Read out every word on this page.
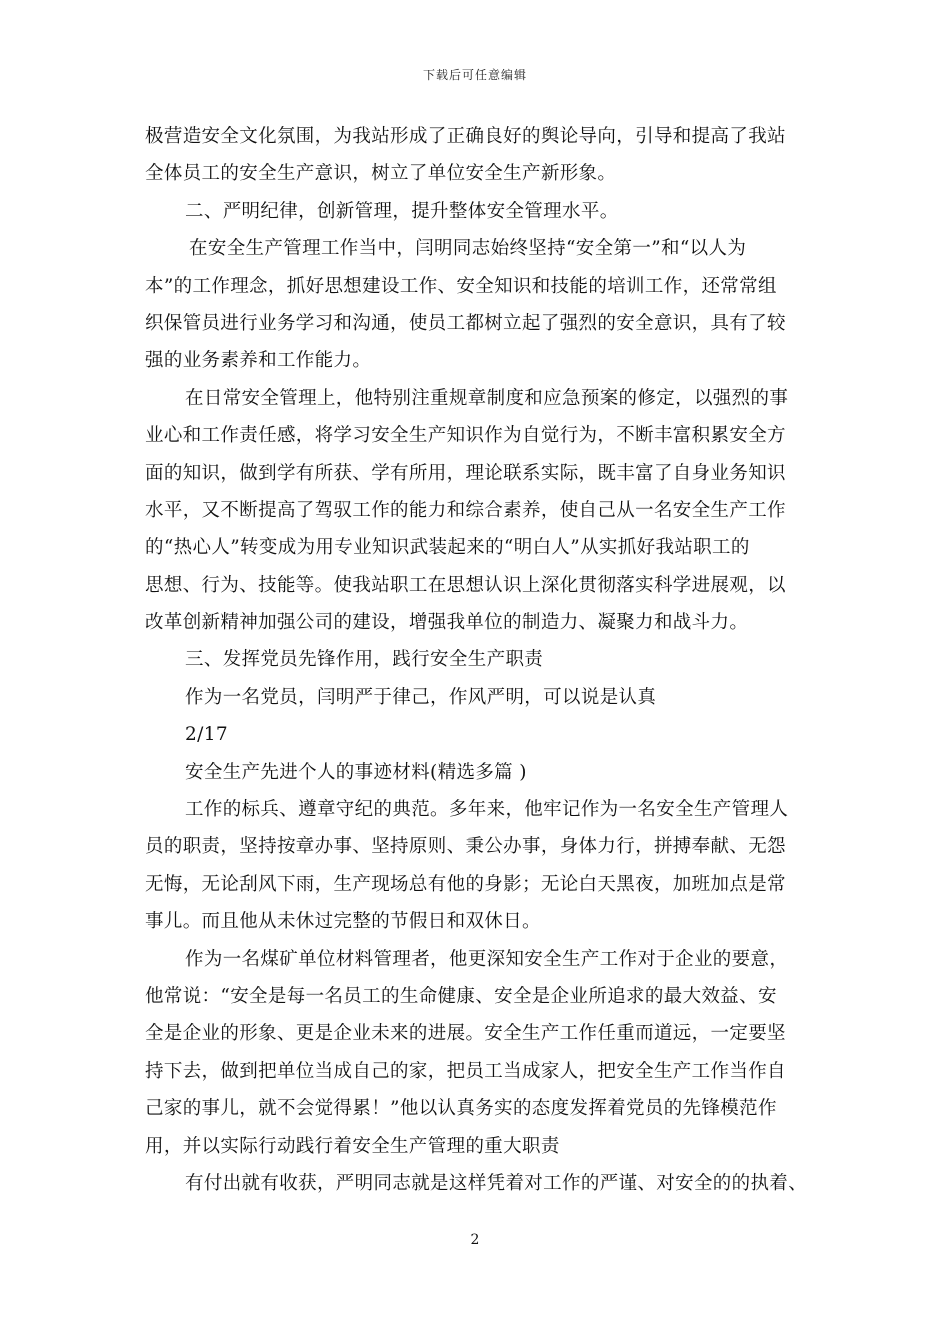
下载后可任意编辑
极营造安全文化氛围，为我站形成了正确良好的舆论导向，引导和提高了我站
全体员工的安全生产意识，树立了单位安全生产新形象。
二、严明纪律，创新管理，提升整体安全管理水平。
在安全生产管理工作当中，闫明同志始终坚持“安全第一”和“以人为
本”的工作理念，抓好思想建设工作、安全知识和技能的培训工作，还常常组
织保管员进行业务学习和沟通，使员工都树立起了强烈的安全意识，具有了较
强的业务素养和工作能力。
在日常安全管理上，他特别注重规章制度和应急预案的修定，以强烈的事
业心和工作责任感，将学习安全生产知识作为自觉行为，不断丰富积累安全方
面的知识，做到学有所获、学有所用，理论联系实际，既丰富了自身业务知识
水平，又不断提高了驾驭工作的能力和综合素养，使自己从一名安全生产工作
的“热心人”转变成为用专业知识武装起来的“明白人”从实抓好我站职工的
思想、行为、技能等。使我站职工在思想认识上深化贯彻落实科学进展观，以
改革创新精神加强公司的建设，增强我单位的制造力、凝聚力和战斗力。
三、发挥党员先锋作用，践行安全生产职责
作为一名党员，闫明严于律己，作风严明，可以说是认真
2/17
安全生产先进个人的事迹材料(精选多篇 )
工作的标兵、遵章守纪的典范。多年来，他牢记作为一名安全生产管理人
员的职责，坚持按章办事、坚持原则、秉公办事，身体力行，拼搏奉献、无怨
无悔，无论刮风下雨，生产现场总有他的身影；无论白天黑夜，加班加点是常
事儿。而且他从未休过完整的节假日和双休日。
作为一名煤矿单位材料管理者，他更深知安全生产工作对于企业的要意，
他常说：“安全是每一名员工的生命健康、安全是企业所追求的最大效益、安
全是企业的形象、更是企业未来的进展。安全生产工作任重而道远，一定要坚
持下去，做到把单位当成自己的家，把员工当成家人，把安全生产工作当作自
己家的事儿，就不会觉得累！”他以认真务实的态度发挥着党员的先锋模范作
用，并以实际行动践行着安全生产管理的重大职责
有付出就有收获，严明同志就是这样凭着对工作的严谨、对安全的的执着、
2
